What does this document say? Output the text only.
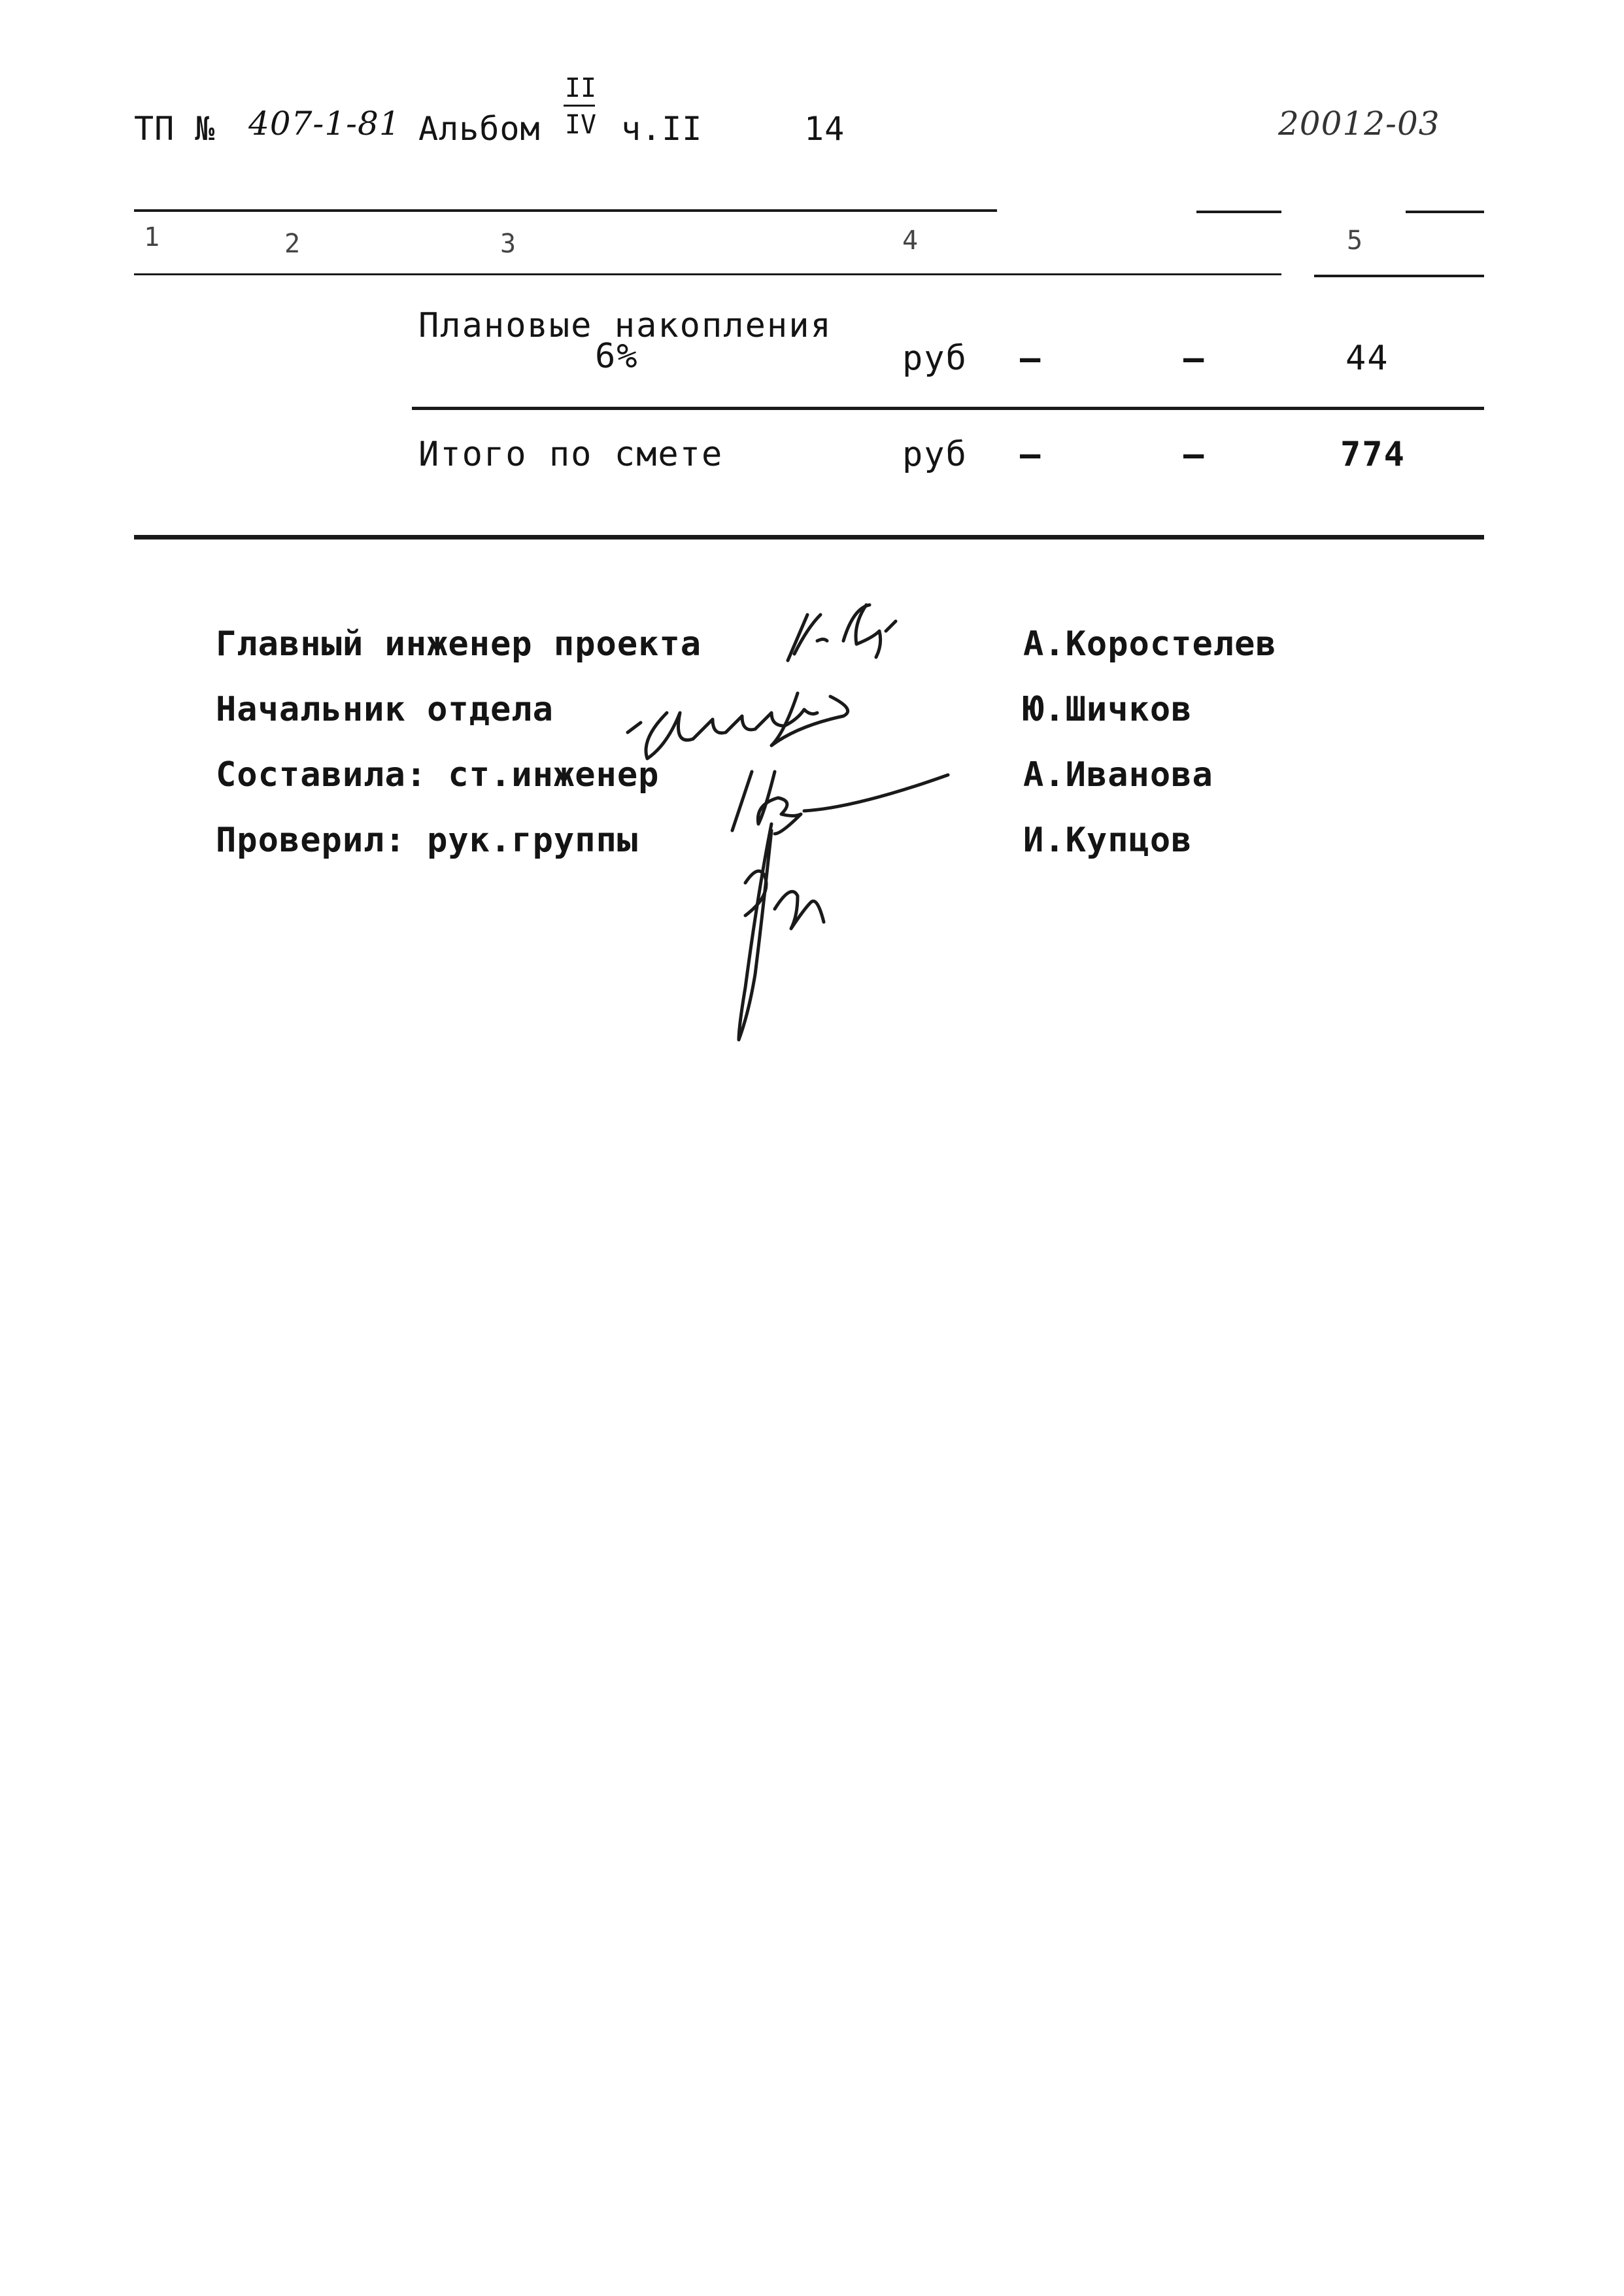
ТП № 407-1-81 Альбом
II
IV ч.II	14	20012-03
1	2	3	4	5
Плановые накопления
6%	руб –	–	44
Итого по смете	руб –	–	774
Главный инженер проекта	А.Коростелев
Начальник отдела	Ю.Шичков
Составила: ст.инженер	А.Иванова
Проверил: рук.группы	И.Купцов
